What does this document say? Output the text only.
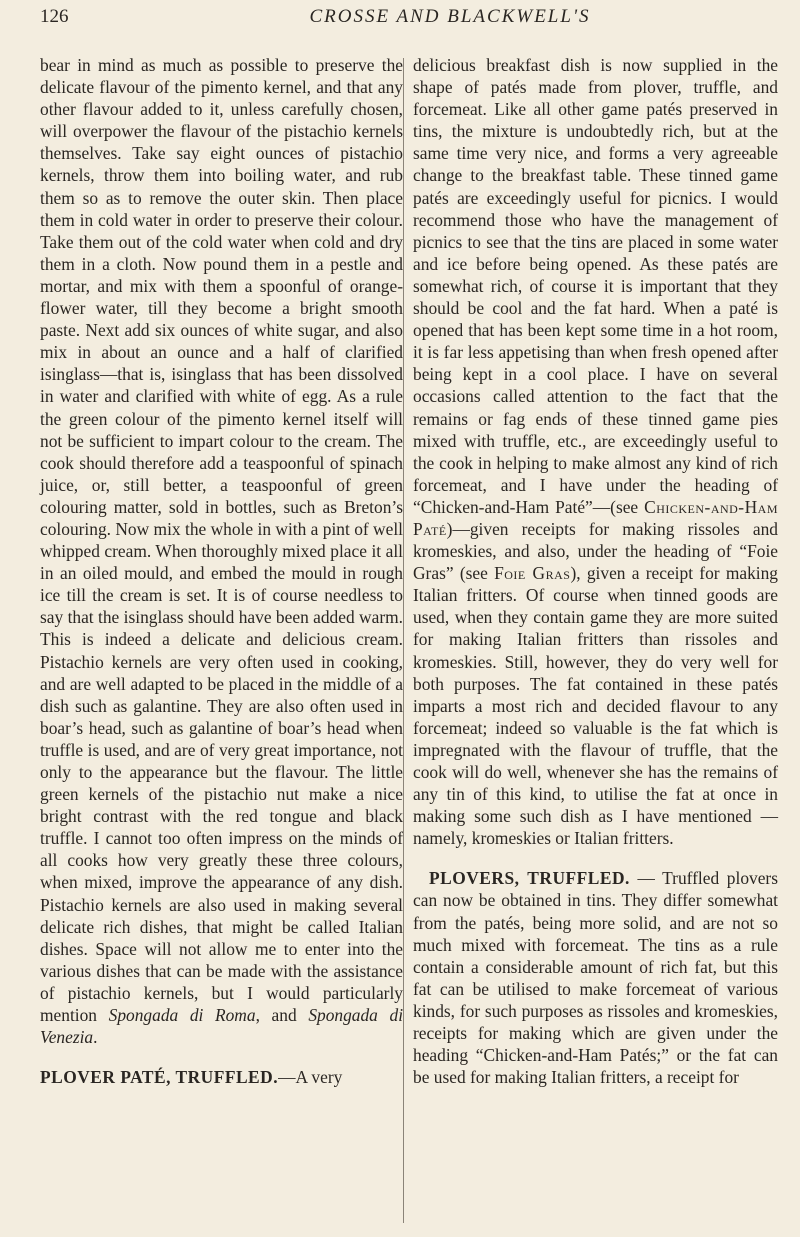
126	CROSSE AND BLACKWELL'S

bear in mind as much as possible to preserve the delicate flavour of the pimento kernel, and that any other flavour added to it, unless carefully chosen, will overpower the flavour of the pistachio kernels themselves. Take say eight ounces of pistachio kernels, throw them into boiling water, and rub them so as to remove the outer skin. Then place them in cold water in order to preserve their colour. Take them out of the cold water when cold and dry them in a cloth. Now pound them in a pestle and mortar, and mix with them a spoonful of orange-flower water, till they become a bright smooth paste. Next add six ounces of white sugar, and also mix in about an ounce and a half of clarified isinglass—that is, isinglass that has been dissolved in water and clarified with white of egg. As a rule the green colour of the pimento kernel itself will not be sufficient to impart colour to the cream. The cook should therefore add a teaspoonful of spinach juice, or, still better, a teaspoonful of green colouring matter, sold in bottles, such as Breton’s colouring. Now mix the whole in with a pint of well whipped cream. When thoroughly mixed place it all in an oiled mould, and embed the mould in rough ice till the cream is set. It is of course needless to say that the isinglass should have been added warm. This is indeed a delicate and delicious cream. Pistachio kernels are very often used in cooking, and are well adapted to be placed in the middle of a dish such as galantine. They are also often used in boar’s head, such as galantine of boar’s head when truffle is used, and are of very great importance, not only to the appearance but the flavour. The little green kernels of the pistachio nut make a nice bright contrast with the red tongue and black truffle. I cannot too often impress on the minds of all cooks how very greatly these three colours, when mixed, improve the appearance of any dish. Pistachio kernels are also used in making several delicate rich dishes, that might be called Italian dishes. Space will not allow me to enter into the various dishes that can be made with the assistance of pistachio kernels, but I would particularly mention Spongada di Roma, and Spongada di Venezia.

PLOVER PATÉ, TRUFFLED.—A very

delicious breakfast dish is now supplied in the shape of patés made from plover, truffle, and forcemeat. Like all other game patés preserved in tins, the mixture is undoubtedly rich, but at the same time very nice, and forms a very agreeable change to the breakfast table. These tinned game patés are exceedingly useful for picnics. I would recommend those who have the management of picnics to see that the tins are placed in some water and ice before being opened. As these patés are somewhat rich, of course it is important that they should be cool and the fat hard. When a paté is opened that has been kept some time in a hot room, it is far less appetising than when fresh opened after being kept in a cool place. I have on several occasions called attention to the fact that the remains or fag ends of these tinned game pies mixed with truffle, etc., are exceedingly useful to the cook in helping to make almost any kind of rich forcemeat, and I have under the heading of “Chicken-and-Ham Paté”—(see Chicken-and-Ham Paté)—given receipts for making rissoles and kromeskies, and also, under the heading of “Foie Gras” (see Foie Gras), given a receipt for making Italian fritters. Of course when tinned goods are used, when they contain game they are more suited for making Italian fritters than rissoles and kromeskies. Still, however, they do very well for both purposes. The fat contained in these patés imparts a most rich and decided flavour to any forcemeat; indeed so valuable is the fat which is impregnated with the flavour of truffle, that the cook will do well, whenever she has the remains of any tin of this kind, to utilise the fat at once in making some such dish as I have mentioned — namely, kromeskies or Italian fritters.

PLOVERS, TRUFFLED. — Truffled plovers can now be obtained in tins. They differ somewhat from the patés, being more solid, and are not so much mixed with forcemeat. The tins as a rule contain a considerable amount of rich fat, but this fat can be utilised to make forcemeat of various kinds, for such purposes as rissoles and kromeskies, receipts for making which are given under the heading “Chicken-and-Ham Patés;” or the fat can be used for making Italian fritters, a receipt for
